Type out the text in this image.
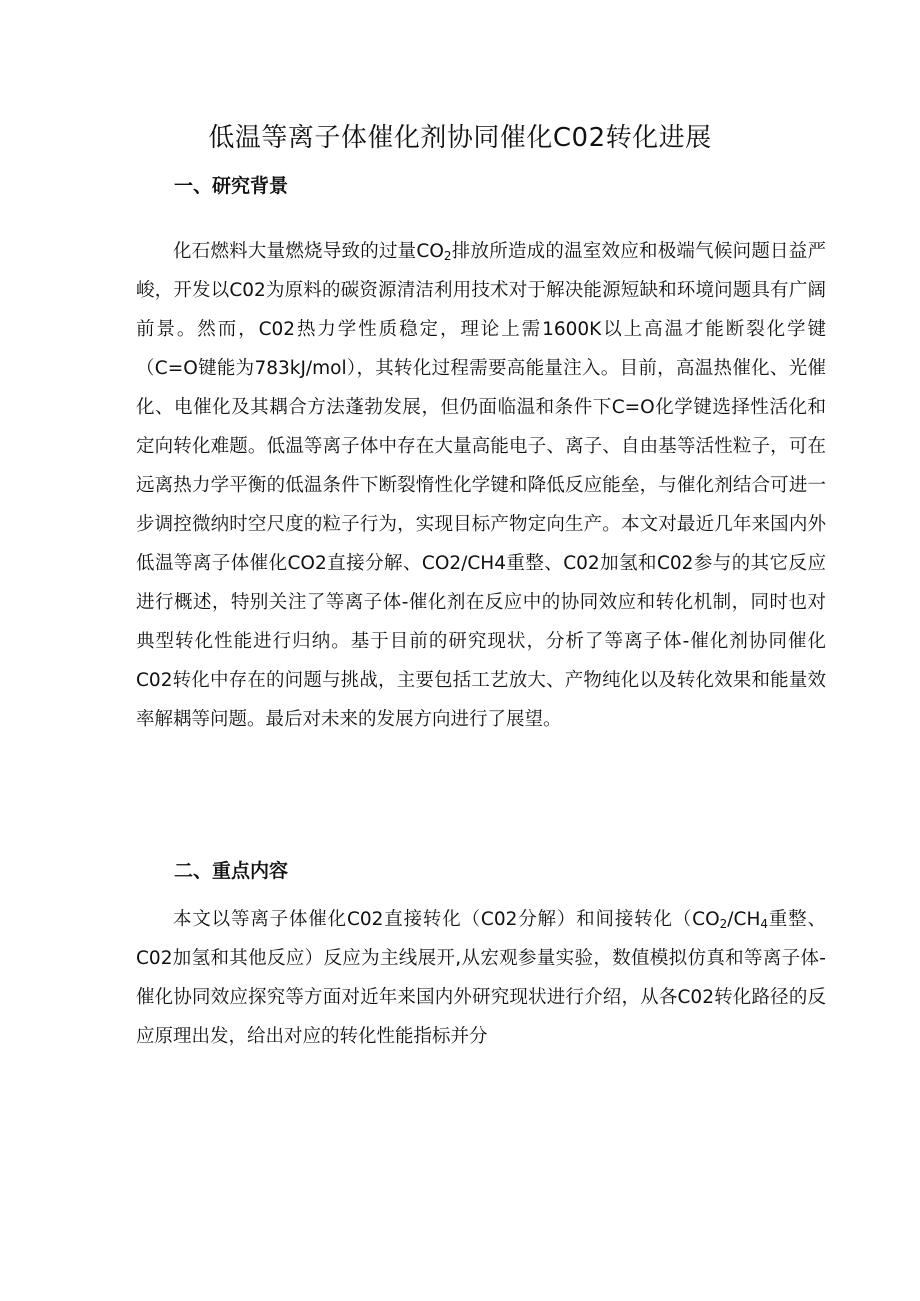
低温等离子体催化剂协同催化C02转化进展
一、研究背景

化石燃料大量燃烧导致的过量$CO_2$排放所造成的温室效应和极端气候问题日益严峻，开发以C02为原料的碳资源清洁利用技术对于解决能源短缺和环境问题具有广阔前景。然而，C02热力学性质稳定，理论上需1600K以上高温才能断裂化学键（C=O键能为783kJ∕mol），其转化过程需要高能量注入。目前，高温热催化、光催化、电催化及其耦合方法蓬勃发展，但仍面临温和条件下C=O化学键选择性活化和定向转化难题。低温等离子体中存在大量高能电子、离子、自由基等活性粒子，可在远离热力学平衡的低温条件下断裂惰性化学键和降低反应能垒，与催化剂结合可进一步调控微纳时空尺度的粒子行为，实现目标产物定向生产。本文对最近几年来国内外低温等离子体催化CO2直接分解、CO2/CH4重整、C02加氢和C02参与的其它反应进行概述，特别关注了等离子体-催化剂在反应中的协同效应和转化机制，同时也对典型转化性能进行归纳。基于目前的研究现状，分析了等离子体-催化剂协同催化C02转化中存在的问题与挑战，主要包括工艺放大、产物纯化以及转化效果和能量效率解耦等问题。最后对未来的发展方向进行了展望。

二、重点内容

本文以等离子体催化C02直接转化（C02分解）和间接转化（$CO_2∕CH_4$重整、C02加氢和其他反应）反应为主线展开,从宏观参量实验，数值模拟仿真和等离子体-催化协同效应探究等方面对近年来国内外研究现状进行介绍，从各C02转化路径的反应原理出发，给出对应的转化性能指标并分
